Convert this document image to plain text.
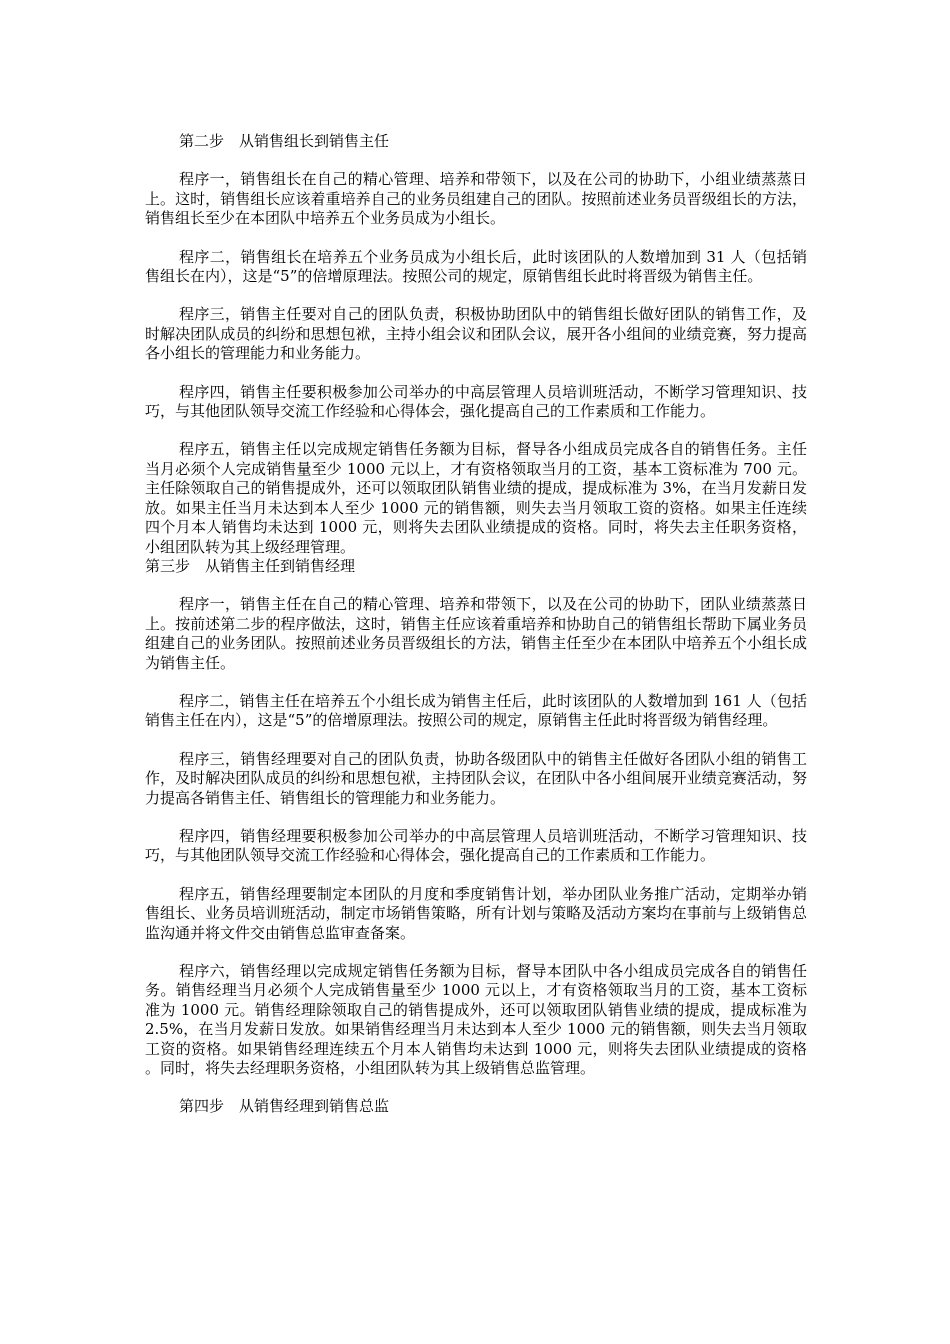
第二步　从销售组长到销售主任

程序一，销售组长在自己的精心管理、培养和带领下，以及在公司的协助下，小组业绩蒸蒸日上。这时，销售组长应该着重培养自己的业务员组建自己的团队。按照前述业务员晋级组长的方法，销售组长至少在本团队中培养五个业务员成为小组长。

程序二，销售组长在培养五个业务员成为小组长后，此时该团队的人数增加到 31 人（包括销售组长在内），这是“5”的倍增原理法。按照公司的规定，原销售组长此时将晋级为销售主任。

程序三，销售主任要对自己的团队负责，积极协助团队中的销售组长做好团队的销售工作，及时解决团队成员的纠纷和思想包袱，主持小组会议和团队会议，展开各小组间的业绩竞赛，努力提高各小组长的管理能力和业务能力。

程序四，销售主任要积极参加公司举办的中高层管理人员培训班活动，不断学习管理知识、技巧，与其他团队领导交流工作经验和心得体会，强化提高自己的工作素质和工作能力。

程序五，销售主任以完成规定销售任务额为目标，督导各小组成员完成各自的销售任务。主任当月必须个人完成销售量至少 1000 元以上，才有资格领取当月的工资，基本工资标准为 700 元。主任除领取自己的销售提成外，还可以领取团队销售业绩的提成，提成标准为 3%，在当月发薪日发放。如果主任当月未达到本人至少 1000 元的销售额，则失去当月领取工资的资格。如果主任连续四个月本人销售均未达到 1000 元，则将失去团队业绩提成的资格。同时，将失去主任职务资格，小组团队转为其上级经理管理。

第三步　从销售主任到销售经理

程序一，销售主任在自己的精心管理、培养和带领下，以及在公司的协助下，团队业绩蒸蒸日上。按前述第二步的程序做法，这时，销售主任应该着重培养和协助自己的销售组长帮助下属业务员组建自己的业务团队。按照前述业务员晋级组长的方法，销售主任至少在本团队中培养五个小组长成为销售主任。

程序二，销售主任在培养五个小组长成为销售主任后，此时该团队的人数增加到 161 人（包括销售主任在内），这是“5”的倍增原理法。按照公司的规定，原销售主任此时将晋级为销售经理。

程序三，销售经理要对自己的团队负责，协助各级团队中的销售主任做好各团队小组的销售工作，及时解决团队成员的纠纷和思想包袱，主持团队会议，在团队中各小组间展开业绩竞赛活动，努力提高各销售主任、销售组长的管理能力和业务能力。

程序四，销售经理要积极参加公司举办的中高层管理人员培训班活动，不断学习管理知识、技巧，与其他团队领导交流工作经验和心得体会，强化提高自己的工作素质和工作能力。

程序五，销售经理要制定本团队的月度和季度销售计划，举办团队业务推广活动，定期举办销售组长、业务员培训班活动，制定市场销售策略，所有计划与策略及活动方案均在事前与上级销售总监沟通并将文件交由销售总监审查备案。

程序六，销售经理以完成规定销售任务额为目标，督导本团队中各小组成员完成各自的销售任务。销售经理当月必须个人完成销售量至少 1000 元以上，才有资格领取当月的工资，基本工资标准为 1000 元。销售经理除领取自己的销售提成外，还可以领取团队销售业绩的提成，提成标准为 2.5%，在当月发薪日发放。如果销售经理当月未达到本人至少 1000 元的销售额，则失去当月领取工资的资格。如果销售经理连续五个月本人销售均未达到 1000 元，则将失去团队业绩提成的资格。同时，将失去经理职务资格，小组团队转为其上级销售总监管理。

第四步　从销售经理到销售总监
